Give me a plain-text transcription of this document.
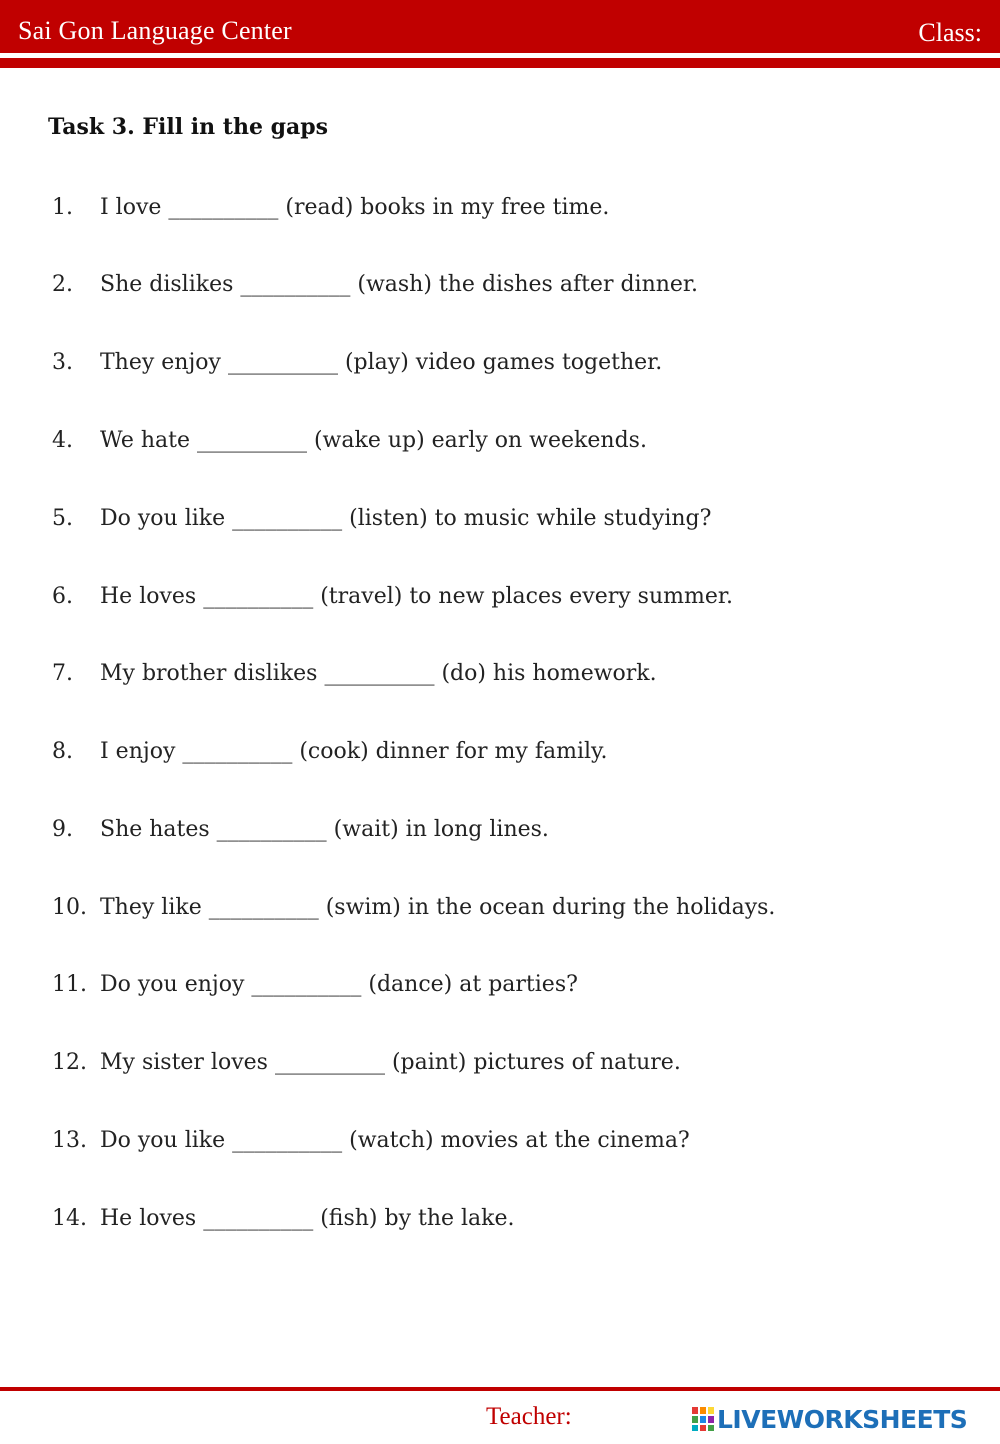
Sai Gon Language Center	Class:
Task 3. Fill in the gaps
1. I love __________ (read) books in my free time.
2. She dislikes __________ (wash) the dishes after dinner.
3. They enjoy __________ (play) video games together.
4. We hate __________ (wake up) early on weekends.
5. Do you like __________ (listen) to music while studying?
6. He loves __________ (travel) to new places every summer.
7. My brother dislikes __________ (do) his homework.
8. I enjoy __________ (cook) dinner for my family.
9. She hates __________ (wait) in long lines.
10. They like __________ (swim) in the ocean during the holidays.
11. Do you enjoy __________ (dance) at parties?
12. My sister loves __________ (paint) pictures of nature.
13. Do you like __________ (watch) movies at the cinema?
14. He loves __________ (fish) by the lake.
Teacher:	LIVEWORKSHEETS
